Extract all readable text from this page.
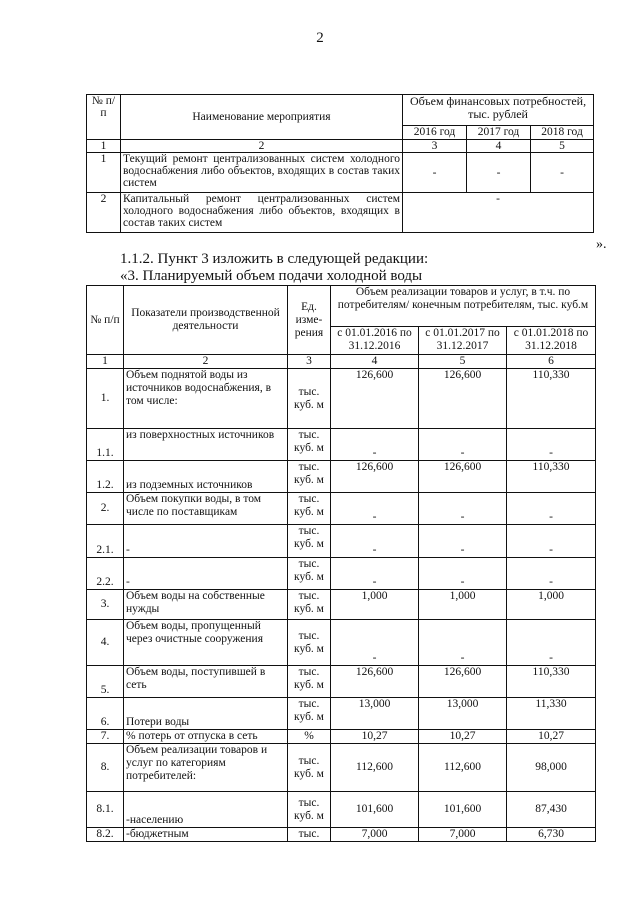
2
№ п/п	Наименование мероприятия	Объем финансовых потребностей, тыс. рублей		
		2016 год	2017 год	2018 год
1	2	3	4	5
1	Текущий ремонт централизованных систем холодного водоснабжения либо объектов, входящих в состав таких систем	-	-	-
2	Капитальный ремонт централизованных систем холодного водоснабжения либо объектов, входящих в состав таких систем	-		
».
1.1.2. Пункт 3 изложить в следующей редакции:
«3. Планируемый объем подачи холодной воды
№ п/п	Показатели производственной деятельности	Ед. изме- рения	Объем реализации товаров и услуг, в т.ч. по потребителям/ конечным потребителям, тыс. куб.м		
			с 01.01.2016 по 31.12.2016	с 01.01.2017 по 31.12.2017	с 01.01.2018 по 31.12.2018
1	2	3	4	5	6
1.	Объем поднятой воды из источников водоснабжения, в том числе:	тыс. куб. м	126,600	126,600	110,330
1.1.	из поверхностных источников	тыс. куб. м	-	-	-
1.2.	из подземных источников	тыс. куб. м	126,600	126,600	110,330
2.	Объем покупки воды, в том числе по поставщикам	тыс. куб. м	-	-	-
2.1.	-	тыс. куб. м	-	-	-
2.2.	-	тыс. куб. м	-	-	-
3.	Объем воды на собственные нужды	тыс. куб. м	1,000	1,000	1,000
4.	Объем воды, пропущенный через очистные сооружения	тыс. куб. м	-	-	-
5.	Объем воды, поступившей в сеть	тыс. куб. м	126,600	126,600	110,330
6.	Потери воды	тыс. куб. м	13,000	13,000	11,330
7.	% потерь от отпуска в сеть	%	10,27	10,27	10,27
8.	Объем реализации товаров и услуг по категориям потребителей:	тыс. куб. м	112,600	112,600	98,000
8.1.	-населению	тыс. куб. м	101,600	101,600	87,430
8.2.	-бюджетным	тыс.	7,000	7,000	6,730
